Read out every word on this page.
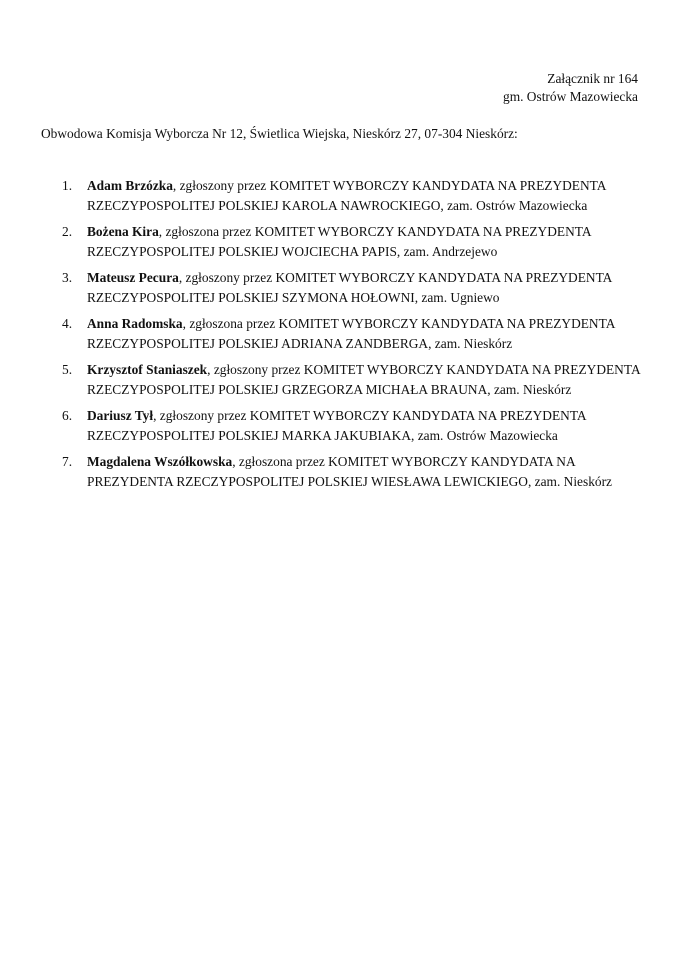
Załącznik nr 164
gm. Ostrów Mazowiecka
Obwodowa Komisja Wyborcza Nr 12, Świetlica Wiejska, Nieskórz 27, 07-304 Nieskórz:
1.	Adam Brzózka, zgłoszony przez KOMITET WYBORCZY KANDYDATA NA PREZYDENTA RZECZYPOSPOLITEJ POLSKIEJ KAROLA NAWROCKIEGO, zam. Ostrów Mazowiecka
2.	Bożena Kira, zgłoszona przez KOMITET WYBORCZY KANDYDATA NA PREZYDENTA RZECZYPOSPOLITEJ POLSKIEJ WOJCIECHA PAPIS, zam. Andrzejewo
3.	Mateusz Pecura, zgłoszony przez KOMITET WYBORCZY KANDYDATA NA PREZYDENTA RZECZYPOSPOLITEJ POLSKIEJ SZYMONA HOŁOWNI, zam. Ugniewo
4.	Anna Radomska, zgłoszona przez KOMITET WYBORCZY KANDYDATA NA PREZYDENTA RZECZYPOSPOLITEJ POLSKIEJ ADRIANA ZANDBERGA, zam. Nieskórz
5.	Krzysztof Staniaszek, zgłoszony przez KOMITET WYBORCZY KANDYDATA NA PREZYDENTA RZECZYPOSPOLITEJ POLSKIEJ GRZEGORZA MICHAŁA BRAUNA, zam. Nieskórz
6.	Dariusz Tył, zgłoszony przez KOMITET WYBORCZY KANDYDATA NA PREZYDENTA RZECZYPOSPOLITEJ POLSKIEJ MARKA JAKUBIAKA, zam. Ostrów Mazowiecka
7.	Magdalena Wszółkowska, zgłoszona przez KOMITET WYBORCZY KANDYDATA NA PREZYDENTA RZECZYPOSPOLITEJ POLSKIEJ WIESŁAWA LEWICKIEGO, zam. Nieskórz
